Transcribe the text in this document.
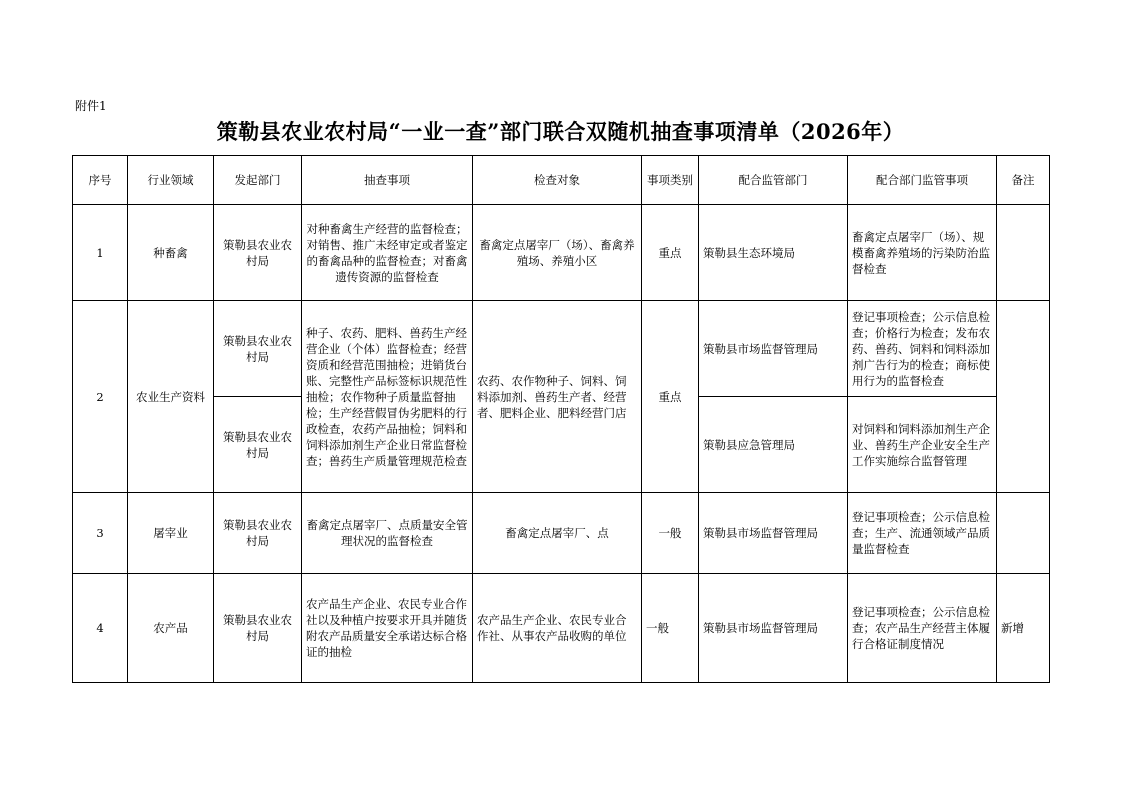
附件1
策勒县农业农村局“一业一查”部门联合双随机抽查事项清单（2026年）
序号	行业领域	发起部门	抽查事项	检查对象	事项类别	配合监管部门	配合部门监管事项	备注
1	种畜禽	策勒县农业农村局	对种畜禽生产经营的监督检查；对销售、推广未经审定或者鉴定的畜禽品种的监督检查；对畜禽遗传资源的监督检查	畜禽定点屠宰厂（场）、畜禽养殖场、养殖小区	重点	策勒县生态环境局	畜禽定点屠宰厂（场）、规模畜禽养殖场的污染防治监督检查	
2	农业生产资料	策勒县农业农村局	种子、农药、肥料、兽药生产经营企业（个体）监督检查；经营资质和经营范围抽检；进销货台账、完整性产品标签标识规范性抽检；农作物种子质量监督抽检；生产经营假冒伪劣肥料的行政检查，农药产品抽检；饲料和饲料添加剂生产企业日常监督检查；兽药生产质量管理规范检查	农药、农作物种子、饲料、饲料添加剂、兽药生产者、经营者、肥料企业、肥料经营门店	重点	策勒县市场监督管理局	登记事项检查；公示信息检查；价格行为检查；发布农药、兽药、饲料和饲料添加剂广告行为的检查；商标使用行为的监督检查	
		策勒县农业农村局				策勒县应急管理局	对饲料和饲料添加剂生产企业、兽药生产企业安全生产工作实施综合监督管理	
3	屠宰业	策勒县农业农村局	畜禽定点屠宰厂、点质量安全管理状况的监督检查	畜禽定点屠宰厂、点	一般	策勒县市场监督管理局	登记事项检查；公示信息检查；生产、流通领域产品质量监督检查	
4	农产品	策勒县农业农村局	农产品生产企业、农民专业合作社以及种植户按要求开具并随货附农产品质量安全承诺达标合格证的抽检	农产品生产企业、农民专业合作社、从事农产品收购的单位	一般	策勒县市场监督管理局	登记事项检查；公示信息检查；农产品生产经营主体履行合格证制度情况	新增
